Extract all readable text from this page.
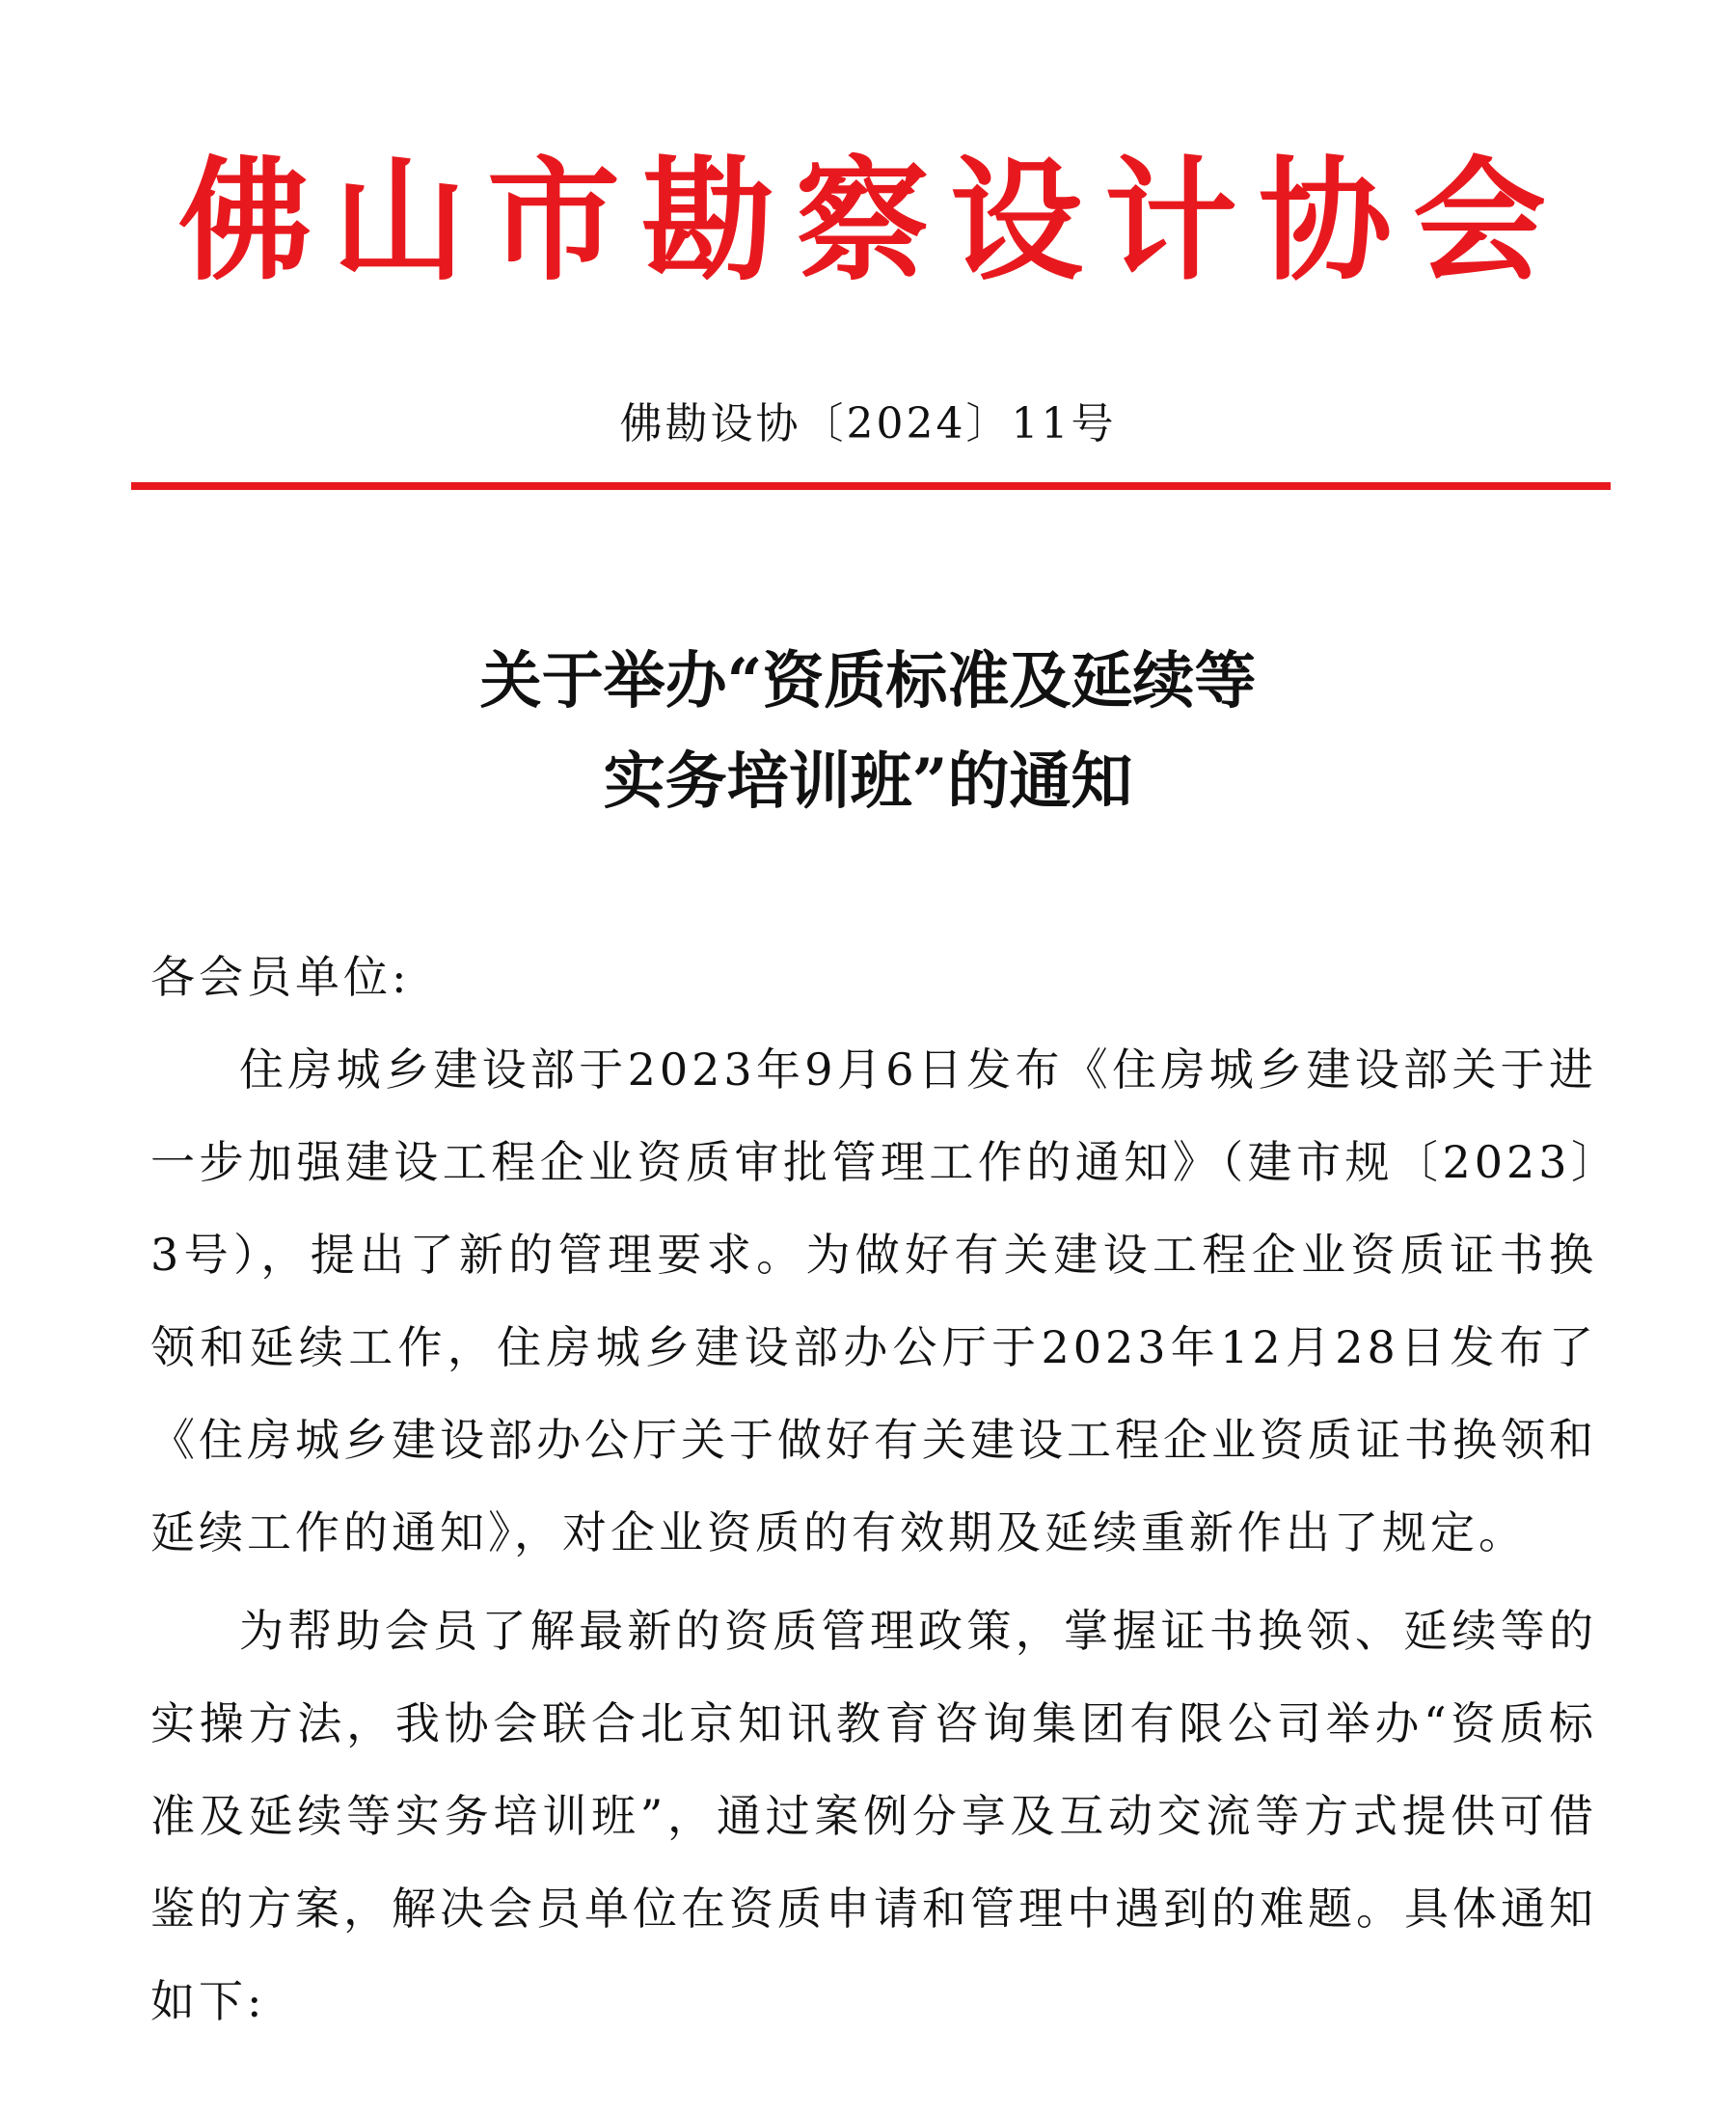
佛山市勘察设计协会
佛勘设协〔2024〕11号
关于举办“资质标准及延续等
实务培训班”的通知
各会员单位:
住房城乡建设部于2023年9月6日发布《住房城乡建设部关于进一步加强建设工程企业资质审批管理工作的通知》（建市规〔2023〕3号），提出了新的管理要求。为做好有关建设工程企业资质证书换领和延续工作，住房城乡建设部办公厅于2023年12月28日发布了《住房城乡建设部办公厅关于做好有关建设工程企业资质证书换领和延续工作的通知》，对企业资质的有效期及延续重新作出了规定。
为帮助会员了解最新的资质管理政策，掌握证书换领、延续等的实操方法，我协会联合北京知讯教育咨询集团有限公司举办“资质标准及延续等实务培训班”，通过案例分享及互动交流等方式提供可借鉴的方案，解决会员单位在资质申请和管理中遇到的难题。具体通知如下:
